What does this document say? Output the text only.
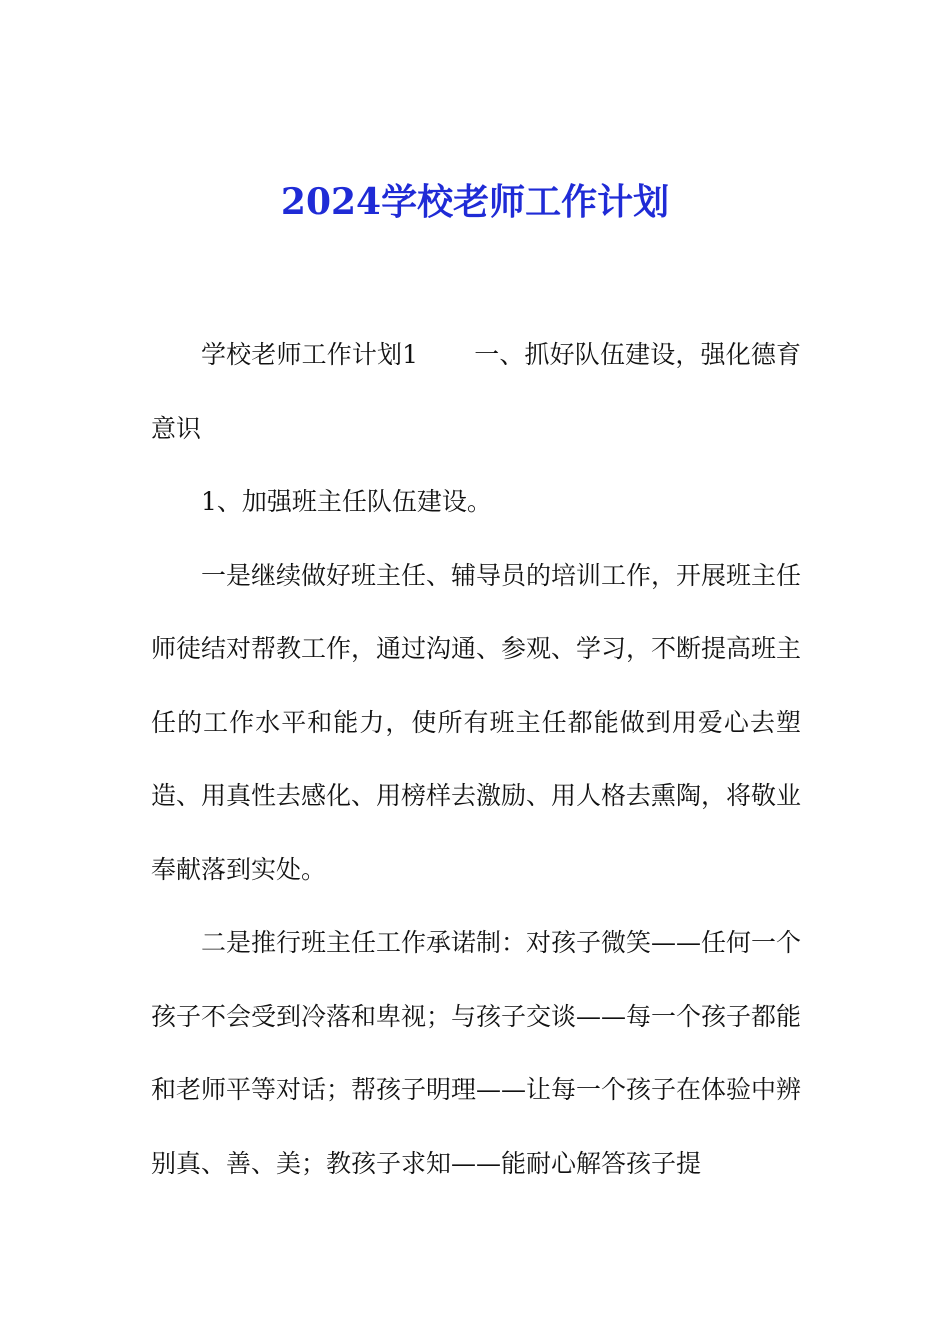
2024学校老师工作计划

学校老师工作计划1 一、抓好队伍建设，强化德育意识

1、加强班主任队伍建设。

一是继续做好班主任、辅导员的培训工作，开展班主任师徒结对帮教工作，通过沟通、参观、学习，不断提高班主任的工作水平和能力，使所有班主任都能做到用爱心去塑造、用真性去感化、用榜样去激励、用人格去熏陶，将敬业奉献落到实处。

二是推行班主任工作承诺制：对孩子微笑——任何一个孩子不会受到冷落和卑视；与孩子交谈——每一个孩子都能和老师平等对话；帮孩子明理——让每一个孩子在体验中辨别真、善、美；教孩子求知——能耐心解答孩子提
